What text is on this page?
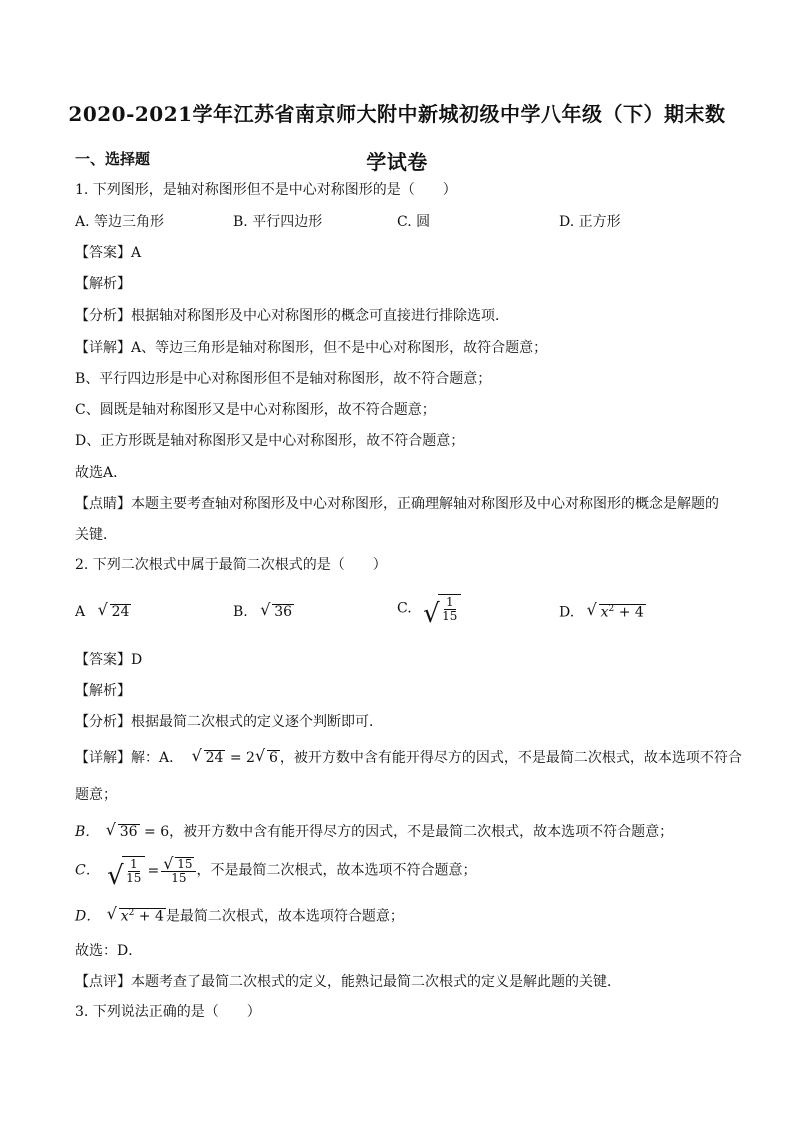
2020-2021学年江苏省南京师大附中新城初级中学八年级（下）期末数
学试卷
一、选择题
1. 下列图形，是轴对称图形但不是中心对称图形的是（　　）
A. 等边三角形	B. 平行四边形	C. 圆	D. 正方形
【答案】A
【解析】
【分析】根据轴对称图形及中心对称图形的概念可直接进行排除选项．
【详解】A、等边三角形是轴对称图形，但不是中心对称图形，故符合题意；
B、平行四边形是中心对称图形但不是轴对称图形，故不符合题意；
C、圆既是轴对称图形又是中心对称图形，故不符合题意；
D、正方形既是轴对称图形又是中心对称图形，故不符合题意；
故选A．
【点睛】本题主要考查轴对称图形及中心对称图形，正确理解轴对称图形及中心对称图形的概念是解题的
关键．
2. 下列二次根式中属于最简二次根式的是（　　）
A √ 24	B. √ 36	C. √ $\frac{1}{15}$	D. √ $x^2 + 4$
【答案】D
【解析】
【分析】根据最简二次根式的定义逐个判断即可．
【详解】解：A． √ 24 = 2 √ 6 ，被开方数中含有能开得尽方的因式，不是最简二次根式，故本选项不符合
题意；
B． √ 36 = 6，被开方数中含有能开得尽方的因式，不是最简二次根式，故本选项不符合题意；
C． √ $\frac{1}{15}$ = √ $\frac{15}{15}$ ，不是最简二次根式，故本选项不符合题意；
D． √ $x^2 + 4$ 是最简二次根式，故本选项符合题意；
故选：D．
【点评】本题考查了最简二次根式的定义，能熟记最简二次根式的定义是解此题的关键．
3. 下列说法正确的是（　　）
